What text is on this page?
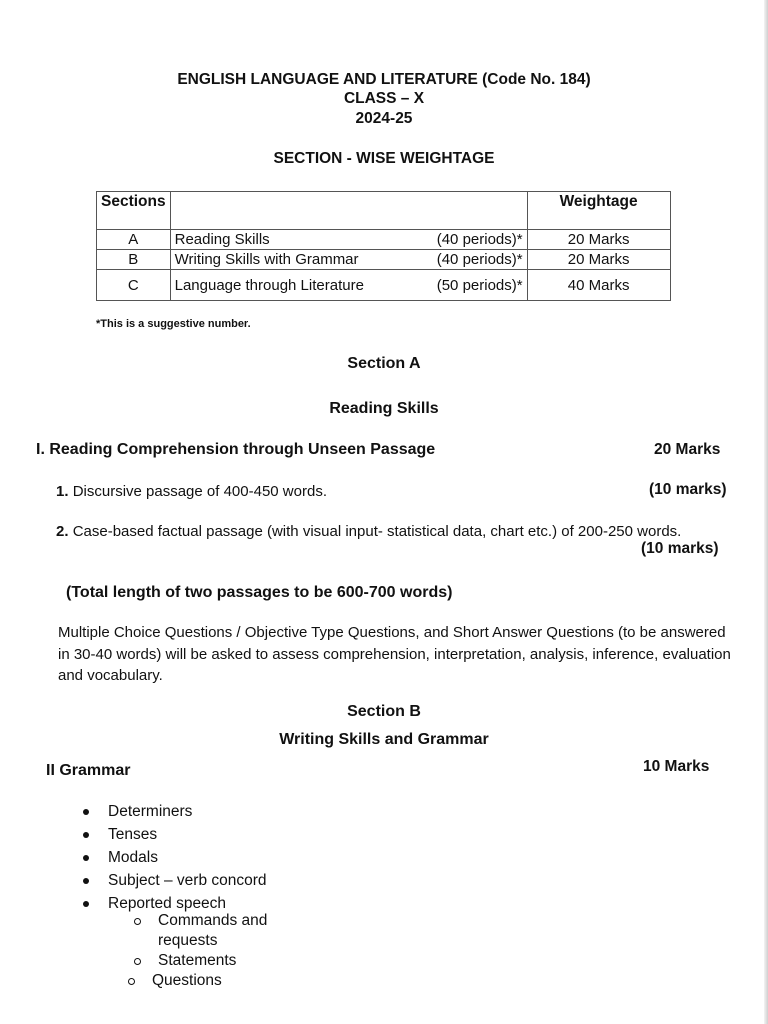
ENGLISH LANGUAGE AND LITERATURE (Code No. 184)
CLASS – X
2024-25
SECTION - WISE WEIGHTAGE
Sections			Weightage
A	Reading Skills	(40 periods)*	20 Marks
B	Writing Skills with Grammar	(40 periods)*	20 Marks
C	Language through Literature	(50 periods)*	40 Marks
*This is a suggestive number.
Section A
Reading Skills
I. Reading Comprehension through Unseen Passage	20 Marks
1. Discursive passage of 400-450 words.	(10 marks)
2. Case-based factual passage (with visual input- statistical data, chart etc.) of 200-250 words.
(10 marks)
(Total length of two passages to be 600-700 words)
Multiple Choice Questions / Objective Type Questions, and Short Answer Questions (to be answered in 30-40 words) will be asked to assess comprehension, interpretation, analysis, inference, evaluation and vocabulary.
Section B
Writing Skills and Grammar
II Grammar	10 Marks
Determiners
Tenses
Modals
Subject – verb concord
Reported speech
Commands and requests
Statements
Questions
